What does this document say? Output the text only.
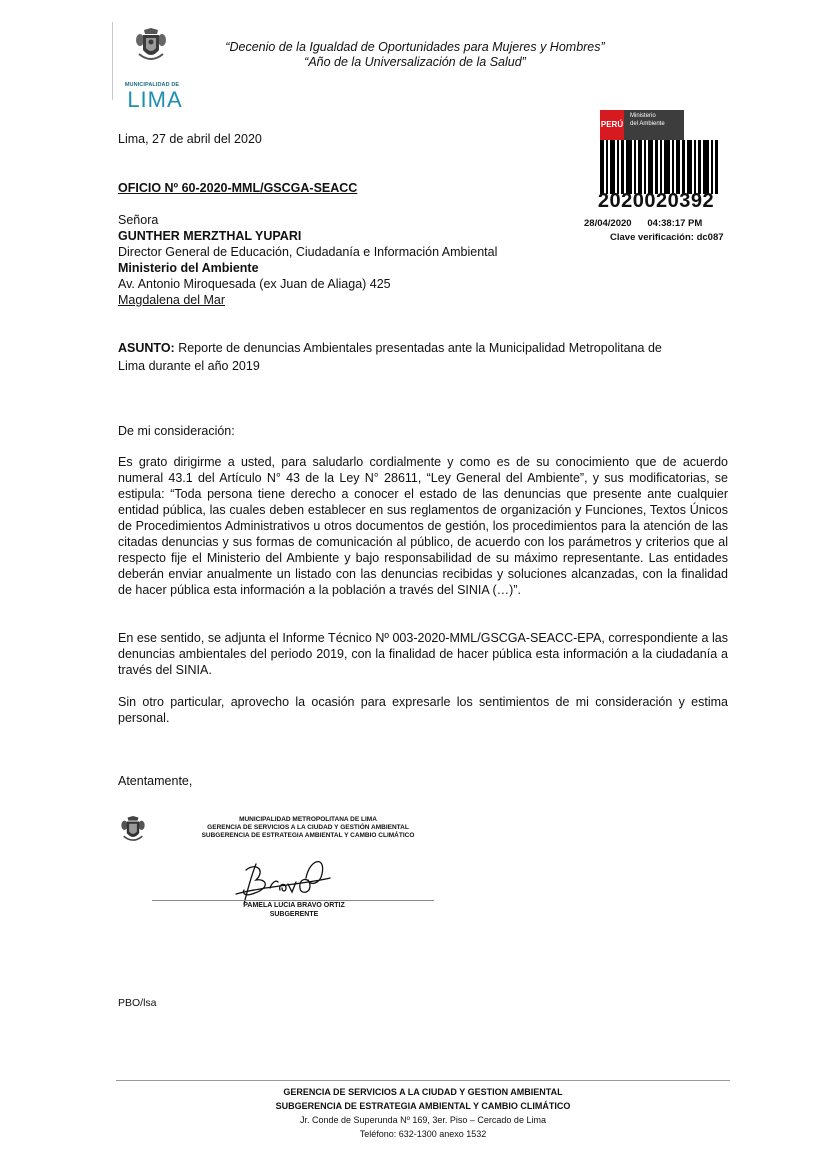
MUNICIPALIDAD DE
LIMA
“Decenio de la Igualdad de Oportunidades para Mujeres y Hombres”
“Año de la Universalización de la Salud”
PERÚ
Ministerio
del Ambiente
2020020392
28/04/2020 04:38:17 PM
Clave verificación: dc087
Lima, 27 de abril del 2020
OFICIO Nº 60-2020-MML/GSCGA-SEACC
Señora
GUNTHER MERZTHAL YUPARI
Director General de Educación, Ciudadanía e Información Ambiental
Ministerio del Ambiente
Av. Antonio Miroquesada (ex Juan de Aliaga) 425
Magdalena del Mar
ASUNTO: Reporte de denuncias Ambientales presentadas ante la Municipalidad Metropolitana de
Lima durante el año 2019
De mi consideración:
Es grato dirigirme a usted, para saludarlo cordialmente y como es de su conocimiento que de acuerdo numeral 43.1 del Artículo N° 43 de la Ley N° 28611, “Ley General del Ambiente”, y sus modificatorias, se estipula: “Toda persona tiene derecho a conocer el estado de las denuncias que presente ante cualquier entidad pública, las cuales deben establecer en sus reglamentos de organización y Funciones, Textos Únicos de Procedimientos Administrativos u otros documentos de gestión, los procedimientos para la atención de las citadas denuncias y sus formas de comunicación al público, de acuerdo con los parámetros y criterios que al respecto fije el Ministerio del Ambiente y bajo responsabilidad de su máximo representante. Las entidades deberán enviar anualmente un listado con las denuncias recibidas y soluciones alcanzadas, con la finalidad de hacer pública esta información a la población a través del SINIA (…)”.
En ese sentido, se adjunta el Informe Técnico Nº 003-2020-MML/GSCGA-SEACC-EPA, correspondiente a las denuncias ambientales del periodo 2019, con la finalidad de hacer pública esta información a la ciudadanía a través del SINIA.
Sin otro particular, aprovecho la ocasión para expresarle los sentimientos de mi consideración y estima personal.
Atentamente,
MUNICIPALIDAD METROPOLITANA DE LIMA
GERENCIA DE SERVICIOS A LA CIUDAD Y GESTIÓN AMBIENTAL
SUBGERENCIA DE ESTRATEGIA AMBIENTAL Y CAMBIO CLIMÁTICO
PAMELA LUCIA BRAVO ORTIZ
SUBGERENTE
PBO/lsa
GERENCIA DE SERVICIOS A LA CIUDAD Y GESTION AMBIENTAL
SUBGERENCIA DE ESTRATEGIA AMBIENTAL Y CAMBIO CLIMÁTICO
Jr. Conde de Superunda Nº 169, 3er. Piso – Cercado de Lima
Teléfono: 632-1300 anexo 1532
